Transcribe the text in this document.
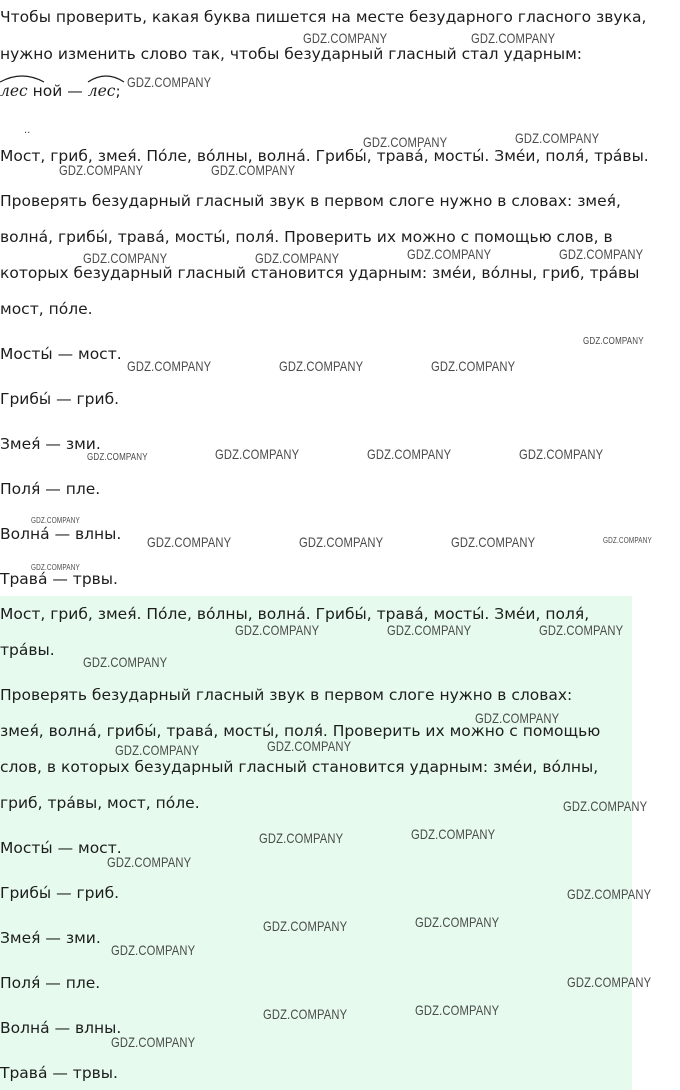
Чтобы проверить, какая буква пишется на месте безударного гласного звука,

нужно изменить слово так, чтобы безударный гласный стал ударным:

лес ной — лес;
··

Мост, гриб, змея́. По́ле, во́лны, волна́. Грибы́, трава́, мосты́. Зме́и, поля́, тра́вы.

Проверять безударный гласный звук в первом слоге нужно в словах: змея́,

волна́, грибы́, трава́, мосты́, поля́. Проверить их можно с помощью слов, в

которых безударный гласный становится ударным: зме́и, во́лны, гриб, тра́вы

мост, по́ле.

Мосты́ — мост.

Грибы́ — гриб.

Змея́ — зми.

Поля́ — пле.

Волна́ — влны.

Трава́ — трвы.

Мост, гриб, змея́. По́ле, во́лны, волна́. Грибы́, трава́, мосты́. Зме́и, поля́,

тра́вы.

Проверять безударный гласный звук в первом слоге нужно в словах:

змея́, волна́, грибы́, трава́, мосты́, поля́. Проверить их можно с помощью

слов, в которых безударный гласный становится ударным: зме́и, во́лны,

гриб, тра́вы, мост, по́ле.

Мосты́ — мост.

Грибы́ — гриб.

Змея́ — зми.

Поля́ — пле.

Волна́ — влны.

Трава́ — трвы.

GDZ.COMPANY	GDZ.COMPANY
GDZ.COMPANY
GDZ.COMPANY	GDZ.COMPANY
GDZ.COMPANY	GDZ.COMPANY
GDZ.COMPANY	GDZ.COMPANY	GDZ.COMPANY	GDZ.COMPANY
GDZ.COMPANY
GDZ.COMPANY	GDZ.COMPANY	GDZ.COMPANY
GDZ.COMPANY	GDZ.COMPANY	GDZ.COMPANY	GDZ.COMPANY
GDZ.COMPANY
GDZ.COMPANY	GDZ.COMPANY	GDZ.COMPANY	GDZ.COMPANY
GDZ.COMPANY
GDZ.COMPANY	GDZ.COMPANY	GDZ.COMPANY
GDZ.COMPANY
GDZ.COMPANY
GDZ.COMPANY	GDZ.COMPANY
GDZ.COMPANY
GDZ.COMPANY	GDZ.COMPANY
GDZ.COMPANY
GDZ.COMPANY
GDZ.COMPANY	GDZ.COMPANY
GDZ.COMPANY
GDZ.COMPANY
GDZ.COMPANY	GDZ.COMPANY
GDZ.COMPANY
